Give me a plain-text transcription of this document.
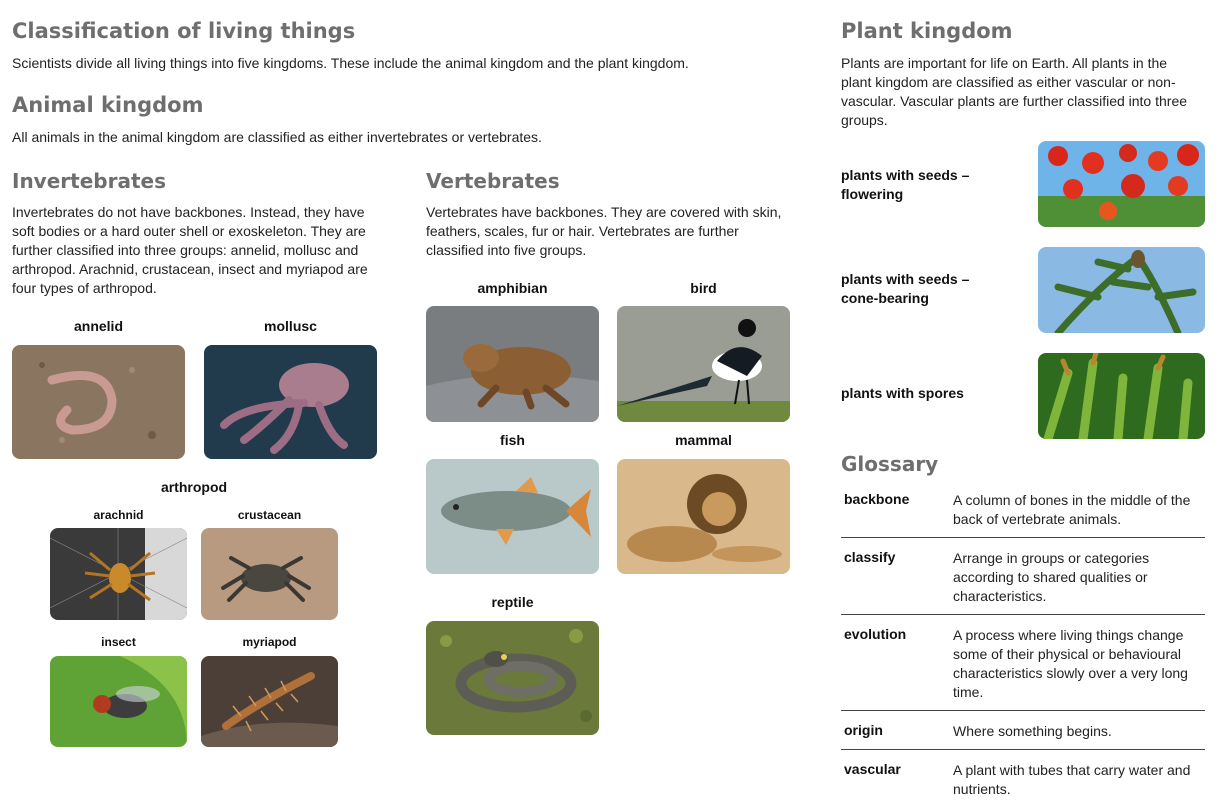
Classification of living things

Scientists divide all living things into five kingdoms. These include the animal kingdom and the plant kingdom.

Animal kingdom

All animals in the animal kingdom are classified as either invertebrates or vertebrates.

Invertebrates

Invertebrates do not have backbones. Instead, they have soft bodies or a hard outer shell or exoskeleton. They are further classified into three groups: annelid, mollusc and arthropod. Arachnid, crustacean, insect and myriapod are four types of arthropod.

annelid	mollusc
arthropod
arachnid	crustacean
insect	myriapod
Vertebrates

Vertebrates have backbones. They are covered with skin, feathers, scales, fur or hair. Vertebrates are further classified into five groups.

amphibian	bird
fish	mammal
reptile
Plant kingdom

Plants are important for life on Earth. All plants in the plant kingdom are classified as either vascular or non-vascular. Vascular plants are further classified into three groups.

plants with seeds –
flowering
plants with seeds –
cone-bearing
plants with spores
Glossary
backbone	A column of bones in the middle of the back of vertebrate animals.
classify	Arrange in groups or categories according to shared qualities or characteristics.
evolution	A process where living things change some of their physical or behavioural characteristics slowly over a very long time.
origin	Where something begins.
vascular	A plant with tubes that carry water and nutrients.
